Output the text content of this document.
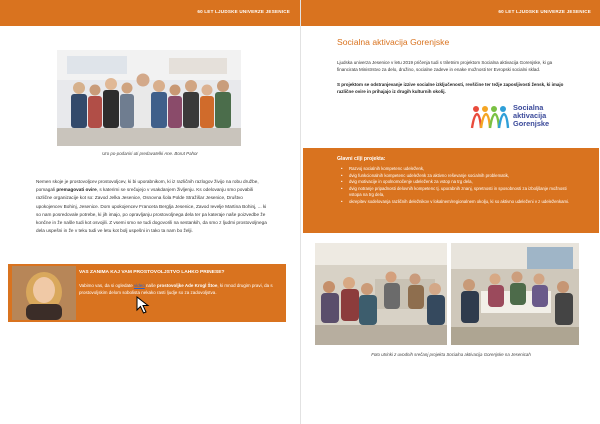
60 LET LJUDSKE UNIVERZE JESENICE
Uro po-podaniri uti predavatelki Ane. Borut Pahor
Nemen skoje je prostovoljcev prostovoljcev, ki bi uporabnikom, ki iz različnih razlogov živijo na robu družbe, pomagali premagovati ovire, s katerimi se srečujejo v vsakdanjem življenju. Ks odelovanju smo povabili različne organizacije kot so: Zavod Jelka Jesenice, Osnovna šola Polde Stražišar Jesenice, Društvo upokojencev Bohinj, Jesenice. Dom upokojencev Franceta Berglja Jesenice, Zavod Ievelje Martina Bohinj, ... ki so nam posredovale potrebe, ki jih imajo, po opravljanju prostovoljnega dela ter pa kateraje naše poizvedbe že končne in že našle tudi kot osvojili. Z vsemi smo se tudi dogovorili na sestankih, da smo z ljudmi prostovoljnega dela uspešni in že v teku tudi ve letu kot bolj uspešni in tako ta nam bo želji.
VAS ZANIMA KAJ VAM PROSTOVOLJSTVO LAHKO PRINESE?
Vabimo vas, da si ogledate video naše prostovoljke Ade Krogl Štoe, ki mnod drugim pravi, da s prostovoljskim delom sobolista nekako rasti ljudje so za zadovoljstva.
60 LET LJUDSKE UNIVERZE JESENICE
Socialna aktivacija Gorenjske
Ljudska univerza Jesenice v letu 2019 pričenja tudi s triletnim projektom Socialna aktivacija Gorenjske, ki ga financirata Ministrstvo za delo, družino, socialne zadeve in enake možnosti ter Evropski socialni sklad.
S projektom se odstranjevanje izzive socialne izključenosti, revščine ter težje zaposljivosti žensk, ki imajo različne ovire in prihajajo iz drugih kulturnih okolij.
Socialna
aktivacija
Gorenjske
Glavni cilji projekta:
• Razvoj socialnih kompetenc udeleženk,
• dvig funkcionalnih kompetenc udeleženk za aktivno reševanje socialnih problematik,
• dvig motivacije in opolnomočenje udeleženk za vstop na trg dela,
• dvig notranje pripadnosti delovnih kompetenc tj. uporabnih znanj, spretnosti in sposobnosti za izboljšanje možnosti vstopa na trg dela,
• okrepitev sodelovanja različnih deležnikov v lokalnem/regionalnem okolju, ki so aktivno udeleženi v z udeleženkami.
Foto utrinki z uvodnih srečanj projekta Socialna aktivacija Gorenjske na Jesenicah
